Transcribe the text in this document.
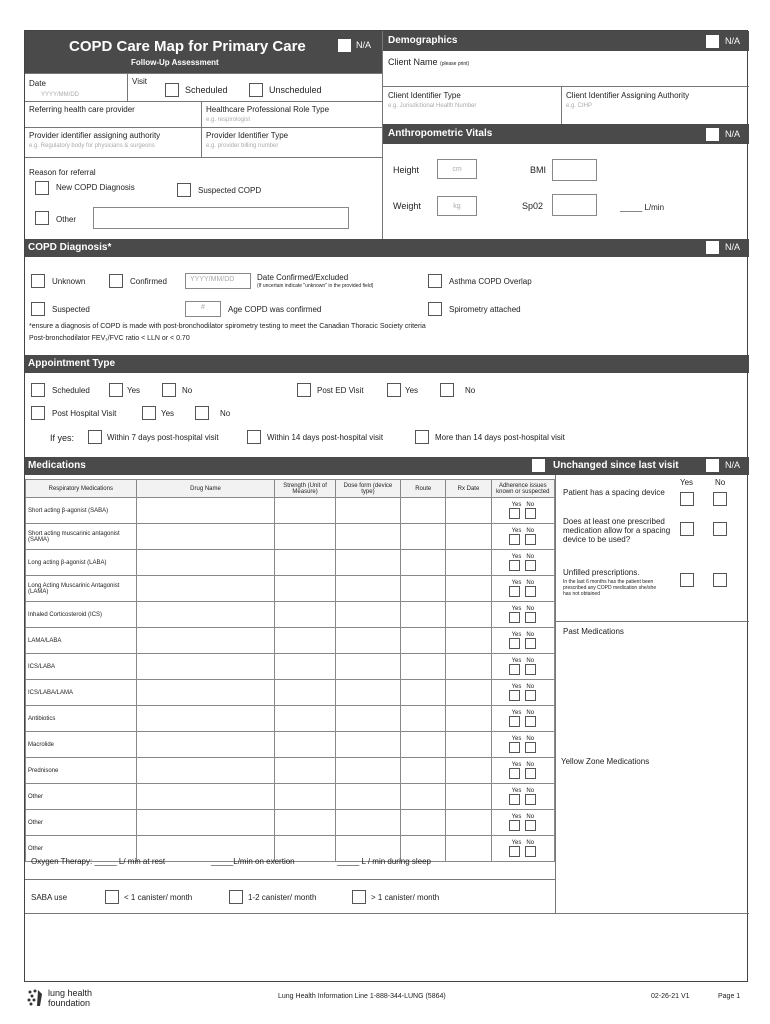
COPD Care Map for Primary Care
Follow-Up Assessment
N/A Demographics	N/A
Client Name (please print)
Client Identifier Type
e.g. Jurisdictional Health Number
Client Identifier Assigning Authority
e.g. CIHP
Anthropometric Vitals	N/A
Height	cm	BMI
Weight	kg	Sp02	_____ L/min
Date
YYYY/MM/DD
Visit
Scheduled	Unscheduled
Referring health care provider	Healthcare Professional Role Type
e.g. respirologist
Provider identifier assigning authority
e.g. Regulatory body for physicians & surgeons
Provider Identifier Type
e.g. provider billing number
Reason for referral
New COPD Diagnosis	Suspected COPD
Other
COPD Diagnosis*	N/A
Unknown	Confirmed	YYYY/MM/DD	Date Confirmed/Excluded
(If uncertain indicate "unknown" in the provided field)	Asthma COPD Overlap
Suspected	#	Age COPD was confirmed	Spirometry attached
*ensure a diagnosis of COPD is made with post-bronchodilator spirometry testing to meet the Canadian Thoracic Society criteria
Post-bronchodilator FEV₁/FVC ratio < LLN or < 0.70
Appointment Type
Scheduled	Yes	No	Post ED Visit	Yes	No
Post Hospital Visit	Yes	No
If yes:	Within 7 days post-hospital visit	Within 14 days post-hospital visit	More than 14 days post-hospital visit
Medications	Unchanged since last visit	N/A
Respiratory Medications	Drug Name	Strength (Unit of Measure)	Dose form (device type)	Route	Rx Date	Adherence issues known or suspected
Short acting β-agonist (SABA)						Yes No

Short acting muscarinic antagonist (SAMA)						Yes No

Long acting β-agonist (LABA)						Yes No

Long Acting Muscarinic Antagonist (LAMA)						Yes No

Inhaled Corticosteroid (ICS)						Yes No

LAMA/LABA						Yes No

ICS/LABA						Yes No

ICS/LABA/LAMA						Yes No

Antibiotics						Yes No

Macrolide						Yes No

Prednisone						Yes No

Other						Yes No

Other						Yes No

Other						Yes No
Yes	No
Patient has a spacing device
Does at least one prescribed medication allow for a spacing device to be used?
Unfilled prescriptions.
In the last 6 months has the patient been prescribed any COPD medication she/she has not obtained
Past Medications
Yellow Zone Medications
Oxygen Therapy: _____ L/ min at rest	_____L/min on exertion	_____ L / min during sleep
SABA use	< 1 canister/ month	1-2 canister/ month	> 1 canister/ month
lung health
foundation
Lung Health Information Line 1-888-344-LUNG (5864)	02-26-21 V1	Page 1
